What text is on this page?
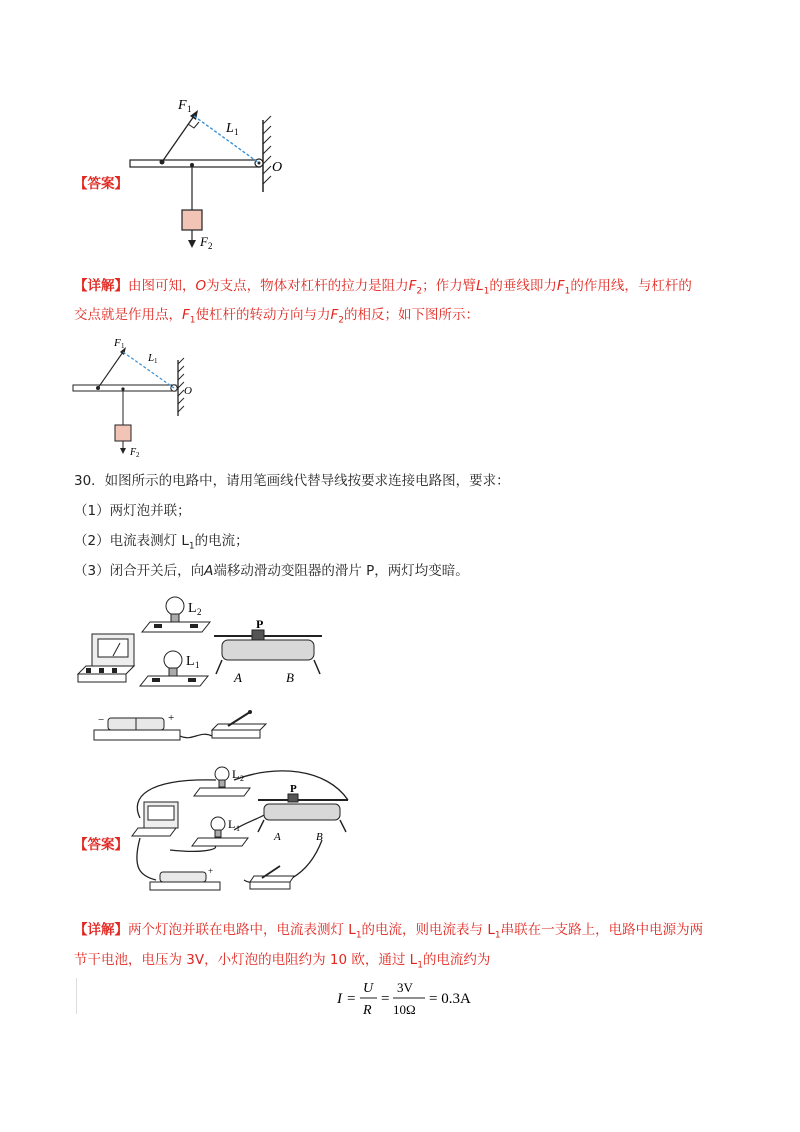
【答案】
F 1
L 1
O
F 2
【详解】由图可知，O为支点，物体对杠杆的拉力是阻力$F_2$；作力臂$L_1$的垂线即力$F_1$的作用线，与杠杆的
交点就是作用点，$F_1$使杠杆的转动方向与力$F_2$的相反；如下图所示：
F 1
L 1
O
F 2
30．如图所示的电路中，请用笔画线代替导线按要求连接电路图，要求：
（1）两灯泡并联；
（2）电流表测灯 $L_1$的电流；
（3）闭合开关后，向A端移动滑动变阻器的滑片 P，两灯均变暗。
L 2
L 1
P
A	B
−	+
【答案】
L 2
L 1
P
A	B
+
【详解】两个灯泡并联在电路中，电流表测灯 $L_1$的电流，则电流表与 $L_1$串联在一支路上，电路中电源为两
节干电池，电压为 3V，小灯泡的电阻约为 10 欧，通过 $L_1$的电流约为
I =
U
R
=
3V
10Ω
= 0.3A
